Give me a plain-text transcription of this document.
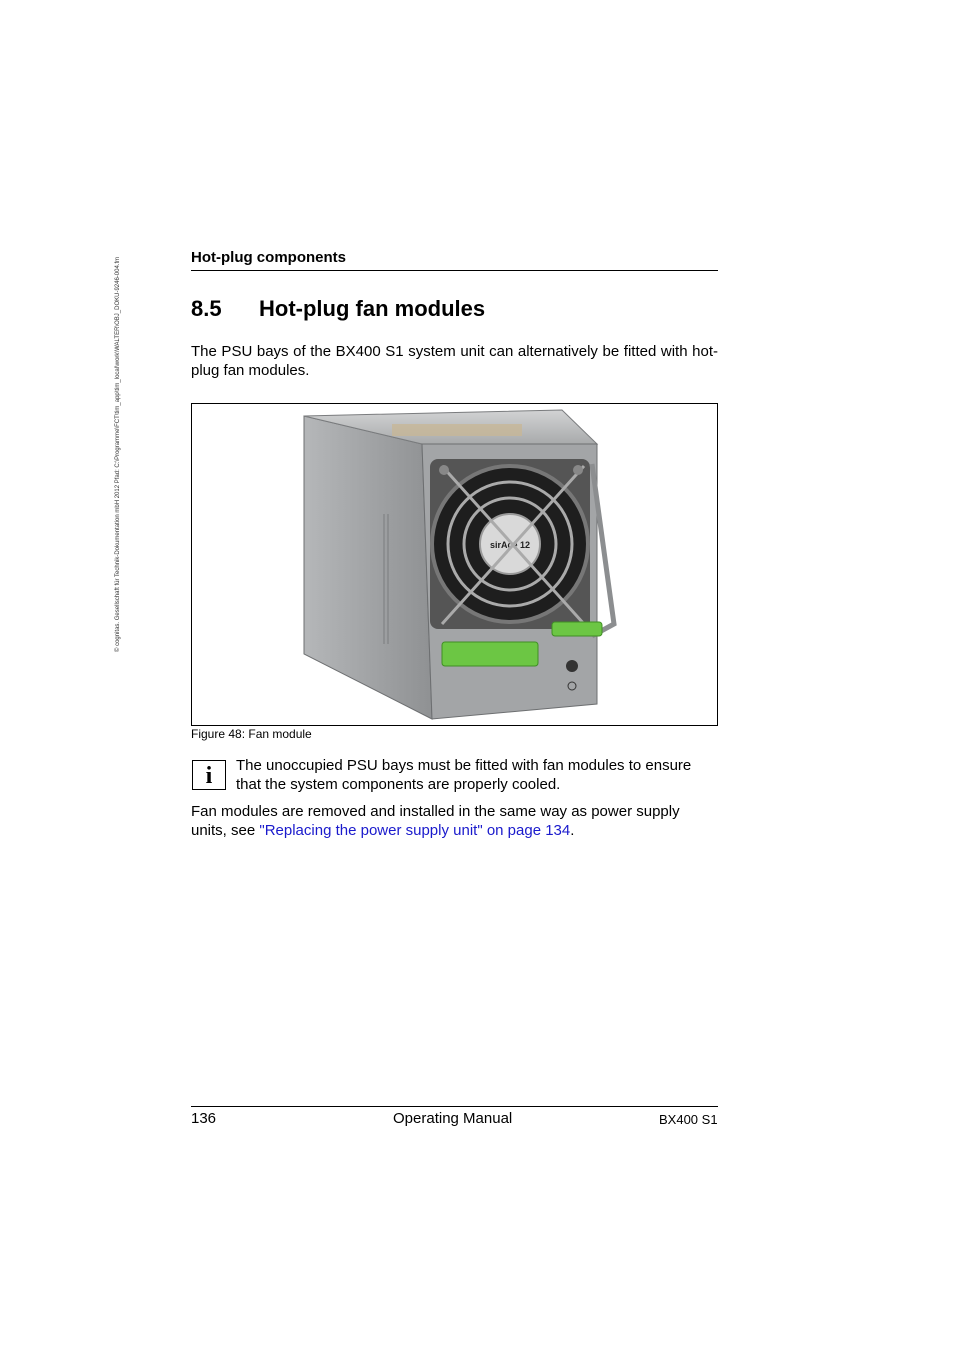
© cognitas. Gesellschaft für Technik-Dokumentation mbH 2012 Pfad: C:\Programme\FCT\tim_app\tim_local\work\WALTER\OBJ_DOKU-9246-004.fm	Hot-plug components
8.5 Hot-plug fan modules

The PSU bays of the BX400 S1 system unit can alternatively be fitted with hot-plug fan modules.

sirAce 12
Figure 48: Fan module
i	The unoccupied PSU bays must be fitted with fan modules to ensure that the system components are properly cooled.

Fan modules are removed and installed in the same way as power supply units, see "Replacing the power supply unit" on page 134.

136	Operating Manual	BX400 S1
